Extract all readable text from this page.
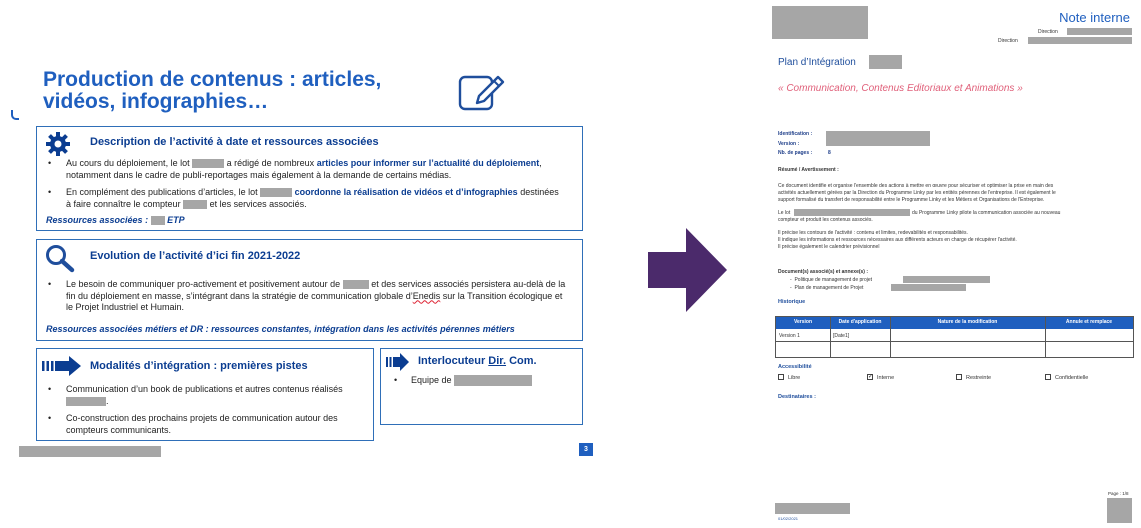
Production de contenus : articles, vidéos, infographies…
Description de l’activité à date et ressources associées
• Au cours du déploiement, le lot	a rédigé de nombreux articles pour informer sur l’actualité du déploiement, notamment dans le cadre de publi-reportages mais également à la demande de certains médias.
• En complément des publications d’articles, le lot	coordonne la réalisation de vidéos et d’infographies destinées à faire connaître le compteur	et les services associés.
Ressources associées : ETP
Evolution de l’activité d’ici fin 2021-2022
• Le besoin de communiquer pro-activement et positivement autour de	et des services associés persistera au-delà de la fin du déploiement en masse, s’intégrant dans la stratégie de communication globale d’Enedis sur la Transition écologique et le Projet Industriel et Humain.
Ressources associées métiers et DR : ressources constantes, intégration dans les activités pérennes métiers
Modalités d’intégration : premières pistes
• Communication d’un book de publications et autres contenus réalisés .
• Co-construction des prochains projets de communication autour des compteurs communicants.
Interlocuteur Dir. Com.
• Equipe de
3
Note interne
Direction
Direction
Plan d’Intégration
« Communication, Contenus Editoriaux et Animations »
Identification :
Version :
Nb. de pages :	8
Résumé / Avertissement :
Ce document identifie et organise l'ensemble des actions à mettre en œuvre pour sécuriser et optimiser la prise en main des
activités actuellement gérées par la Direction du Programme Linky par les entités pérennes de l'entreprise. Il est également le
support formalisé du transfert de responsabilité entre le Programme Linky et les Métiers et Organisations de l'Entreprise.
Le lot	du Programme Linky pilote la communication associée au nouveau
compteur et produit les contenus associés.
Il précise les contours de l'activité : contenu et limites, redevabilités et responsabilités.
Il indique les informations et ressources nécessaires aux différents acteurs en charge de récupérer l'activité.
Il précise également le calendrier prévisionnel
Document(s) associé(s) et annexe(s) :
-  Politique de management de projet
-  Plan de management de Projet
Historique
Version	Date d'application	Nature de la modification	Annule et remplace
Version 1	[Date1]
Accessibilité
Libre	✓ Interne	Restreinte	Confidentielle
Destinataires :
Page : 1/8
01/02/2021
